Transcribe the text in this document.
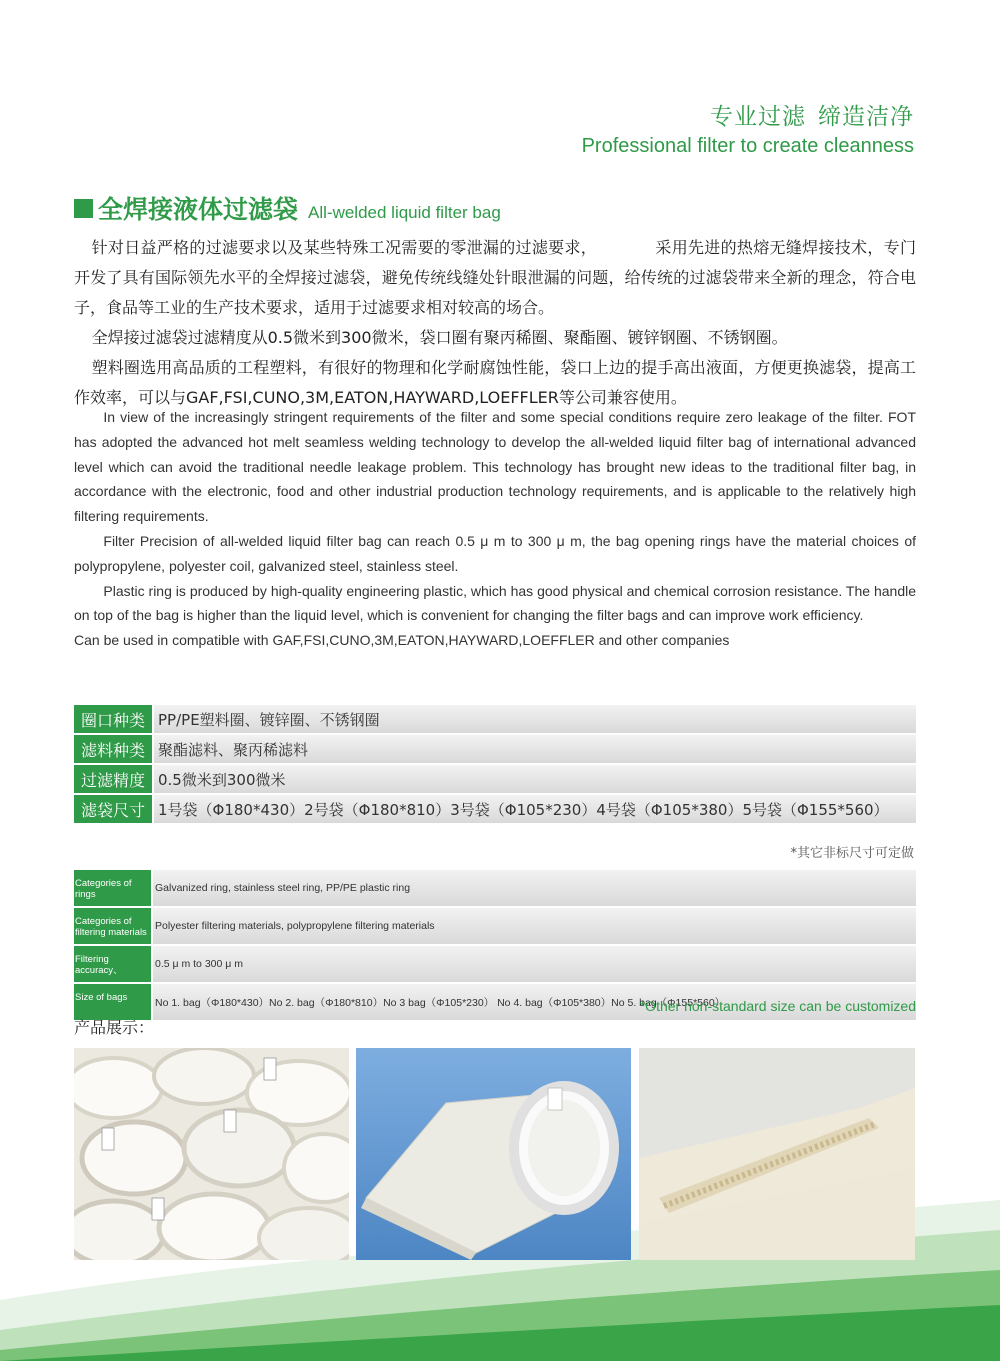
专业过滤 缔造洁净
Professional filter to create cleanness
全焊接液体过滤袋 All-welded liquid filter bag

针对日益严格的过滤要求以及某些特殊工况需要的零泄漏的过滤要求，	采用先进的热熔无缝焊接技术，专门开发了具有国际领先水平的全焊接过滤袋，避免传统线缝处针眼泄漏的问题，给传统的过滤袋带来全新的理念，符合电子，食品等工业的生产技术要求，适用于过滤要求相对较高的场合。

全焊接过滤袋过滤精度从0.5微米到300微米，袋口圈有聚丙稀圈、聚酯圈、镀锌钢圈、不锈钢圈。

塑料圈选用高品质的工程塑料，有很好的物理和化学耐腐蚀性能，袋口上边的提手高出液面，方便更换滤袋，提高工作效率，可以与GAF,FSI,CUNO,3M,EATON,HAYWARD,LOEFFLER等公司兼容使用。

In view of the increasingly stringent requirements of the filter and some special conditions require zero leakage of the filter. FOT has adopted the advanced hot melt seamless welding technology to develop the all-welded liquid filter bag of international advanced level which can avoid the traditional needle leakage problem. This technology has brought new ideas to the traditional filter bag, in accordance with the electronic, food and other industrial production technology requirements, and is applicable to the relatively high filtering requirements.

Filter Precision of all-welded liquid filter bag can reach 0.5 μ m to 300 μ m, the bag opening rings have the material choices of polypropylene, polyester coil, galvanized steel, stainless steel.

Plastic ring is produced by high-quality engineering plastic, which has good physical and chemical corrosion resistance. The handle on top of the bag is higher than the liquid level, which is convenient for changing the filter bags and can improve work efficiency.

Can be used in compatible with GAF,FSI,CUNO,3M,EATON,HAYWARD,LOEFFLER and other companies

圈口种类	PP/PE塑料圈、镀锌圈、不锈钢圈
滤料种类	聚酯滤料、聚丙稀滤料
过滤精度	0.5微米到300微米
滤袋尺寸	1号袋（Φ180*430）2号袋（Φ180*810）3号袋（Φ105*230）4号袋（Φ105*380）5号袋（Φ155*560）
*其它非标尺寸可定做
Categories of rings	Galvanized ring, stainless steel ring, PP/PE plastic ring
Categories of filtering materials	Polyester filtering materials, polypropylene filtering materials
Filtering accuracy、	0.5 μ m to 300 μ m
Size of bags	No 1. bag（Φ180*430）No 2. bag（Φ180*810）No 3 bag（Φ105*230） No 4. bag（Φ105*380）No 5. bag（Φ155*560）
*Other non-standard size can be customized
产品展示：
